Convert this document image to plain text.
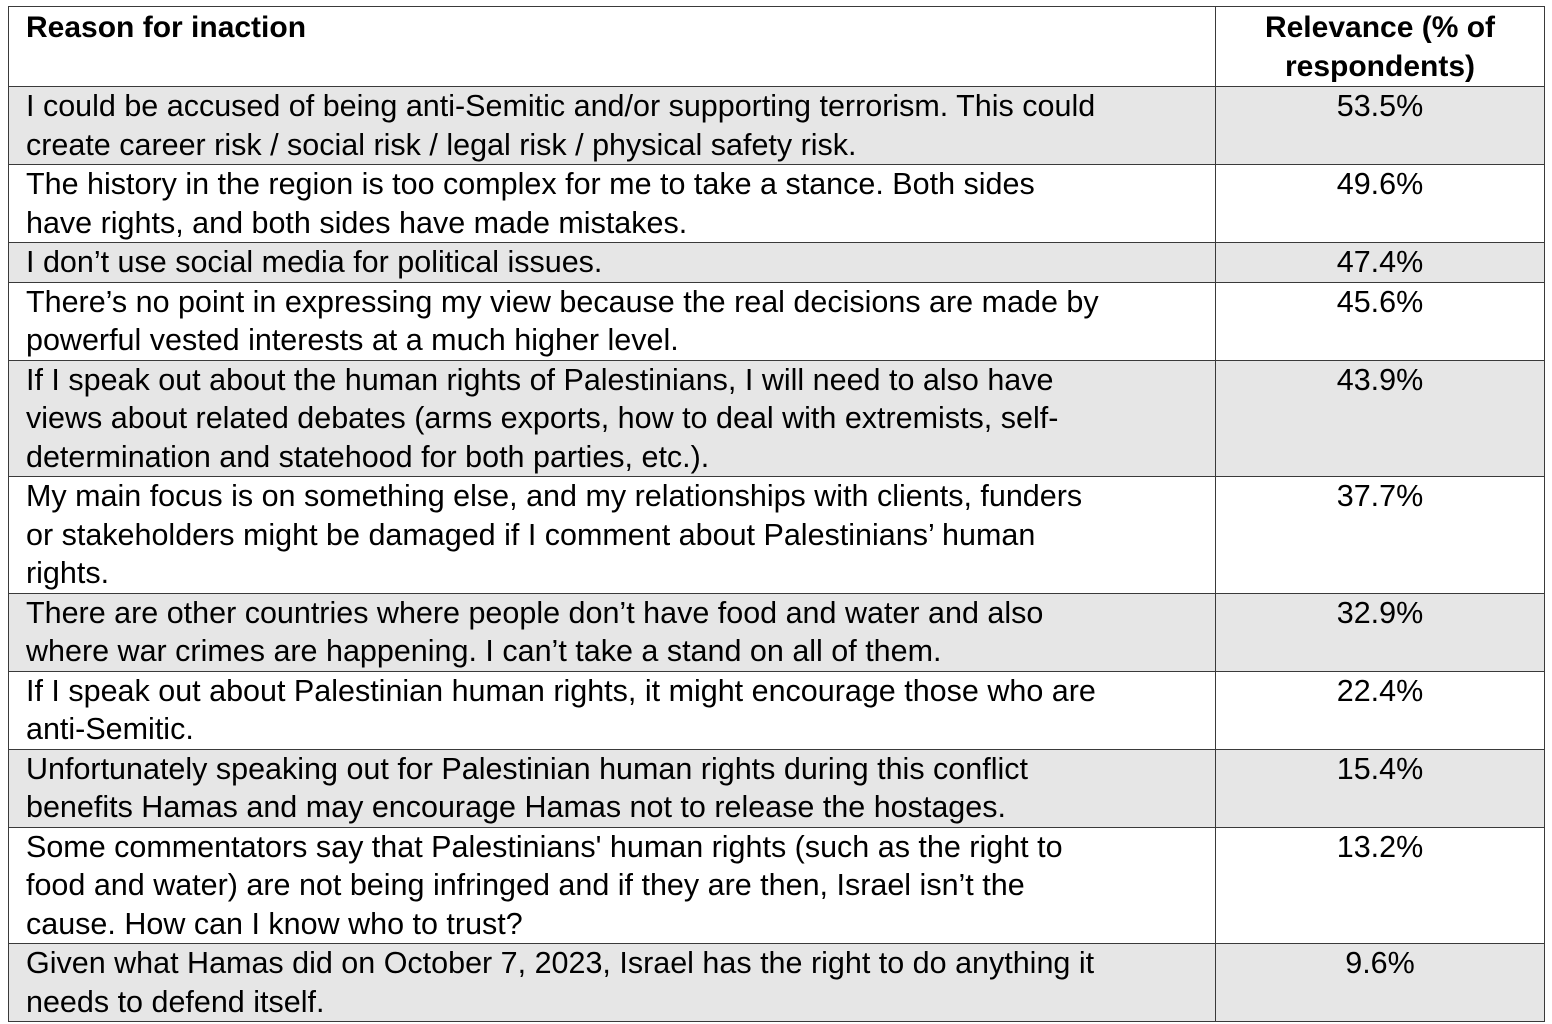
Reason for inaction	Relevance (% of
respondents)
I could be accused of being anti-Semitic and/or supporting terrorism. This could
create career risk / social risk / legal risk / physical safety risk.	53.5%
The history in the region is too complex for me to take a stance. Both sides
have rights, and both sides have made mistakes.	49.6%
I don’t use social media for political issues.	47.4%
There’s no point in expressing my view because the real decisions are made by
powerful vested interests at a much higher level.	45.6%
If I speak out about the human rights of Palestinians, I will need to also have
views about related debates (arms exports, how to deal with extremists, self-
determination and statehood for both parties, etc.).	43.9%
My main focus is on something else, and my relationships with clients, funders
or stakeholders might be damaged if I comment about Palestinians’ human
rights.	37.7%
There are other countries where people don’t have food and water and also
where war crimes are happening. I can’t take a stand on all of them.	32.9%
If I speak out about Palestinian human rights, it might encourage those who are
anti-Semitic.	22.4%
Unfortunately speaking out for Palestinian human rights during this conflict
benefits Hamas and may encourage Hamas not to release the hostages.	15.4%
Some commentators say that Palestinians' human rights (such as the right to
food and water) are not being infringed and if they are then, Israel isn’t the
cause. How can I know who to trust?	13.2%
Given what Hamas did on October 7, 2023, Israel has the right to do anything it
needs to defend itself.	9.6%
